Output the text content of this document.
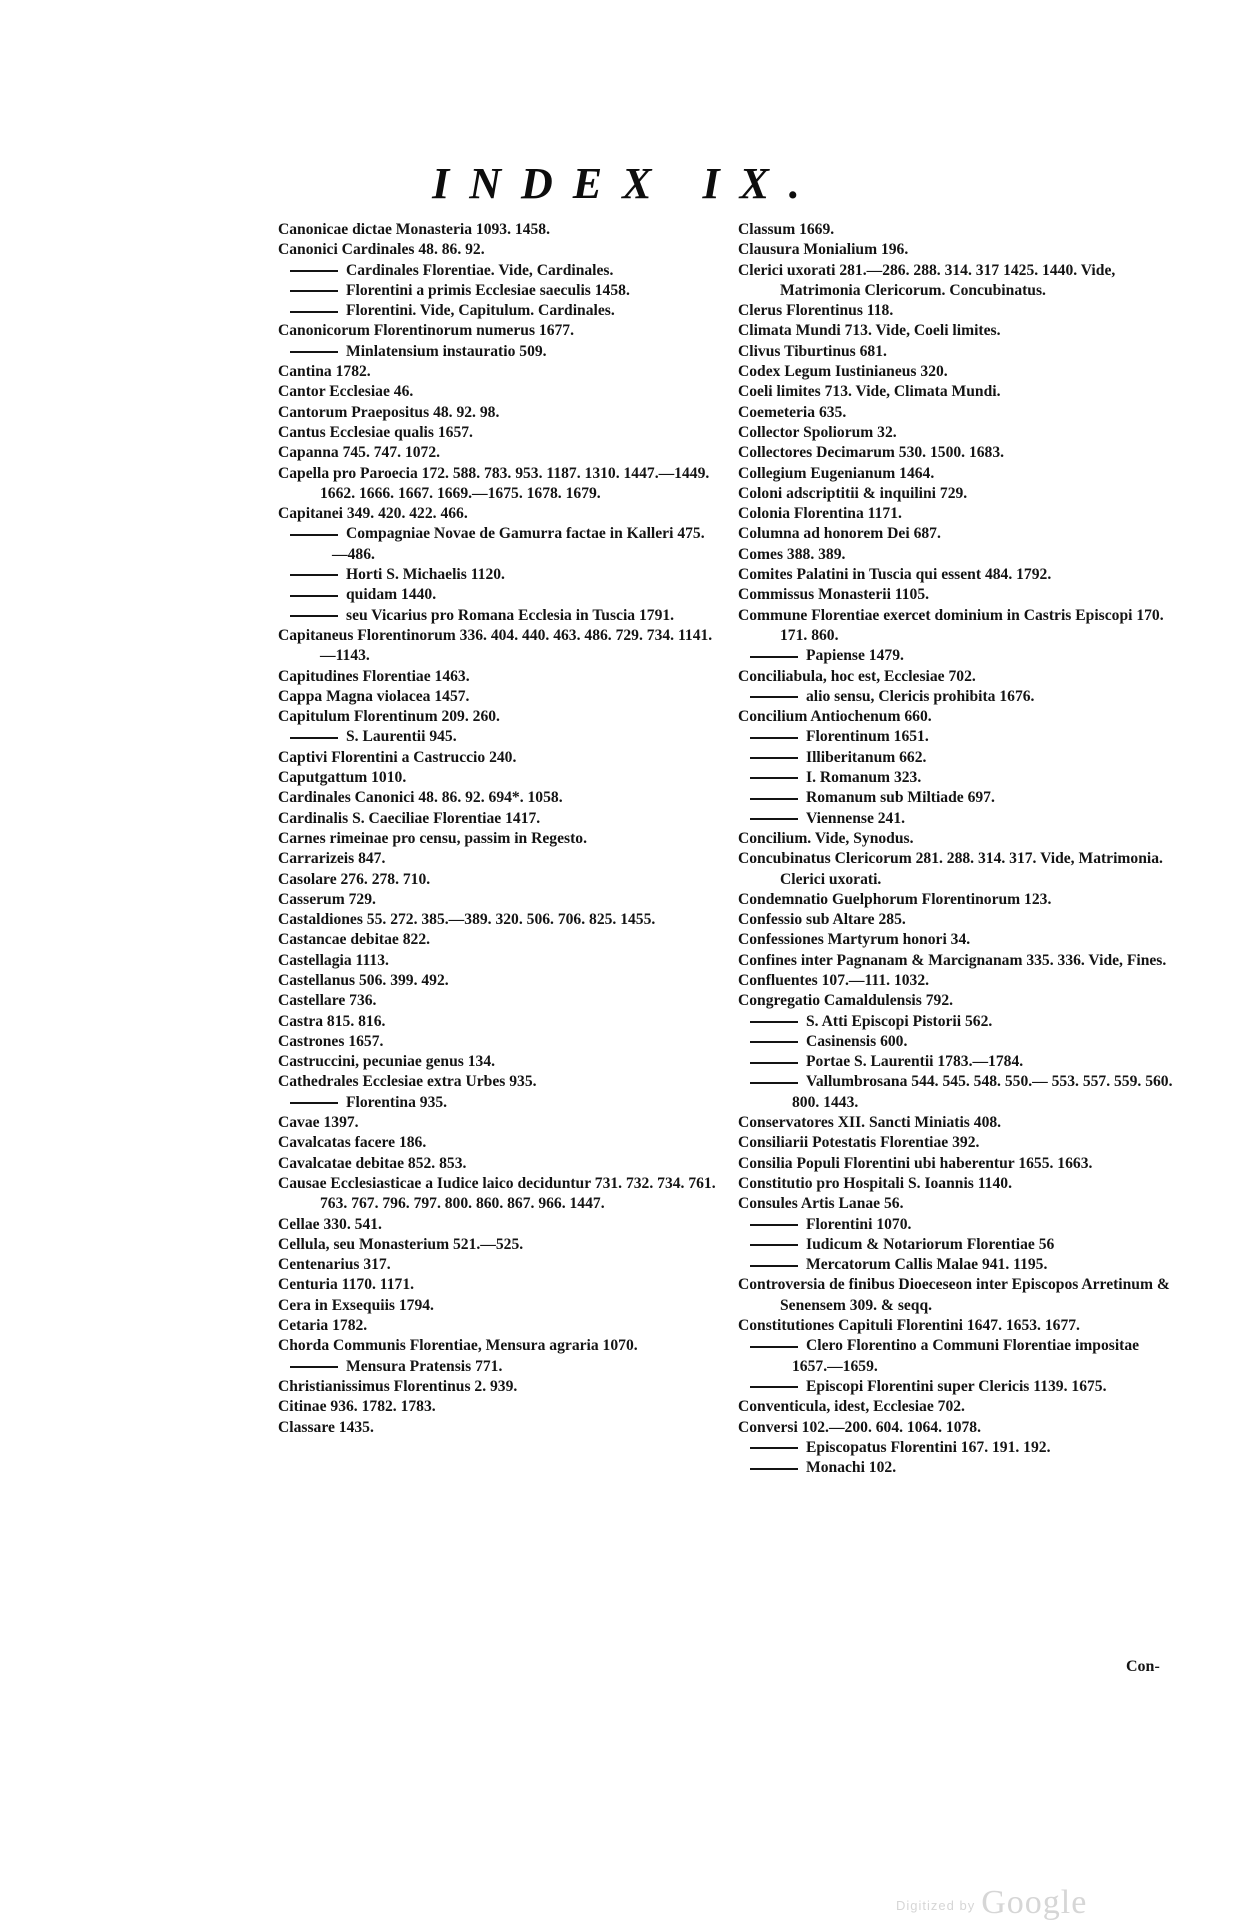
INDEX IX.

Canonicae dictae Monasteria 1093. 1458.

Canonici Cardinales 48. 86. 92.

Cardinales Florentiae. Vide, Cardinales.

Florentini a primis Ecclesiae saeculis 1458.

Florentini. Vide, Capitulum. Cardinales.

Canonicorum Florentinorum numerus 1677.

Minlatensium instauratio 509.

Cantina 1782.

Cantor Ecclesiae 46.

Cantorum Praepositus 48. 92. 98.

Cantus Ecclesiae qualis 1657.

Capanna 745. 747. 1072.

Capella pro Paroecia 172. 588. 783. 953. 1187. 1310. 1447.—1449. 1662. 1666. 1667. 1669.—1675. 1678. 1679.

Capitanei 349. 420. 422. 466.

Compagniae Novae de Gamurra factae in Kalleri 475.—486.

Horti S. Michaelis 1120.

quidam 1440.

seu Vicarius pro Romana Ecclesia in Tuscia 1791.

Capitaneus Florentinorum 336. 404. 440. 463. 486. 729. 734. 1141.—1143.

Capitudines Florentiae 1463.

Cappa Magna violacea 1457.

Capitulum Florentinum 209. 260.

S. Laurentii 945.

Captivi Florentini a Castruccio 240.

Caputgattum 1010.

Cardinales Canonici 48. 86. 92. 694*. 1058.

Cardinalis S. Caeciliae Florentiae 1417.

Carnes rimeinae pro censu, passim in Regesto.

Carrarizeis 847.

Casolare 276. 278. 710.

Casserum 729.

Castaldiones 55. 272. 385.—389. 320. 506. 706. 825. 1455.

Castancae debitae 822.

Castellagia 1113.

Castellanus 506. 399. 492.

Castellare 736.

Castra 815. 816.

Castrones 1657.

Castruccini, pecuniae genus 134.

Cathedrales Ecclesiae extra Urbes 935.

Florentina 935.

Cavae 1397.

Cavalcatas facere 186.

Cavalcatae debitae 852. 853.

Causae Ecclesiasticae a Iudice laico deciduntur 731. 732. 734. 761. 763. 767. 796. 797. 800. 860. 867. 966. 1447.

Cellae 330. 541.

Cellula, seu Monasterium 521.—525.

Centenarius 317.

Centuria 1170. 1171.

Cera in Exsequiis 1794.

Cetaria 1782.

Chorda Communis Florentiae, Mensura agraria 1070.

Mensura Pratensis 771.

Christianissimus Florentinus 2. 939.

Citinae 936. 1782. 1783.

Classare 1435.

Classum 1669.

Clausura Monialium 196.

Clerici uxorati 281.—286. 288. 314. 317 1425. 1440. Vide, Matrimonia Clericorum. Concubinatus.

Clerus Florentinus 118.

Climata Mundi 713. Vide, Coeli limites.

Clivus Tiburtinus 681.

Codex Legum Iustinianeus 320.

Coeli limites 713. Vide, Climata Mundi.

Coemeteria 635.

Collector Spoliorum 32.

Collectores Decimarum 530. 1500. 1683.

Collegium Eugenianum 1464.

Coloni adscriptitii & inquilini 729.

Colonia Florentina 1171.

Columna ad honorem Dei 687.

Comes 388. 389.

Comites Palatini in Tuscia qui essent 484. 1792.

Commissus Monasterii 1105.

Commune Florentiae exercet dominium in Castris Episcopi 170. 171. 860.

Papiense 1479.

Conciliabula, hoc est, Ecclesiae 702.

alio sensu, Clericis prohibita 1676.

Concilium Antiochenum 660.

Florentinum 1651.

Illiberitanum 662.

I. Romanum 323.

Romanum sub Miltiade 697.

Viennense 241.

Concilium. Vide, Synodus.

Concubinatus Clericorum 281. 288. 314. 317. Vide, Matrimonia. Clerici uxorati.

Condemnatio Guelphorum Florentinorum 123.

Confessio sub Altare 285.

Confessiones Martyrum honori 34.

Confines inter Pagnanam & Marcignanam 335. 336. Vide, Fines.

Confluentes 107.—111. 1032.

Congregatio Camaldulensis 792.

S. Atti Episcopi Pistorii 562.

Casinensis 600.

Portae S. Laurentii 1783.—1784.

Vallumbrosana 544. 545. 548. 550.— 553. 557. 559. 560. 800. 1443.

Conservatores XII. Sancti Miniatis 408.

Consiliarii Potestatis Florentiae 392.

Consilia Populi Florentini ubi haberentur 1655. 1663.

Constitutio pro Hospitali S. Ioannis 1140.

Consules Artis Lanae 56.

Florentini 1070.

Iudicum & Notariorum Florentiae 56

Mercatorum Callis Malae 941. 1195.

Controversia de finibus Dioeceseon inter Episcopos Arretinum & Senensem 309. & seqq.

Constitutiones Capituli Florentini 1647. 1653. 1677.

Clero Florentino a Communi Florentiae impositae 1657.—1659.

Episcopi Florentini super Clericis 1139. 1675.

Conventicula, idest, Ecclesiae 702.

Conversi 102.—200. 604. 1064. 1078.

Episcopatus Florentini 167. 191. 192.

Monachi 102.

Con-
Digitized by Google
